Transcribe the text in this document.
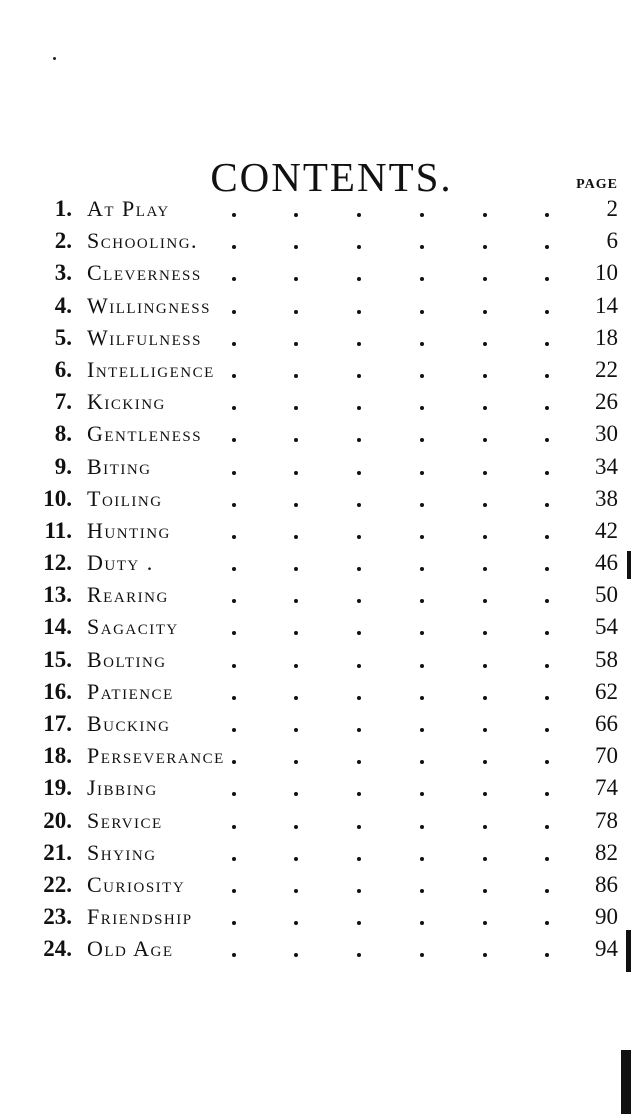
CONTENTS.	PAGE
1. At Play	2
2. Schooling.	6
3. Cleverness	10
4. Willingness	14
5. Wilfulness	18
6. Intelligence	22
7. Kicking	26
8. Gentleness	30
9. Biting	34
10. Toiling	38
11. Hunting	42
12. Duty .	46
13. Rearing	50
14. Sagacity	54
15. Bolting	58
16. Patience	62
17. Bucking	66
18. Perseverance	70
19. Jibbing	74
20. Service	78
21. Shying	82
22. Curiosity	86
23. Friendship	90
24. Old Age	94
